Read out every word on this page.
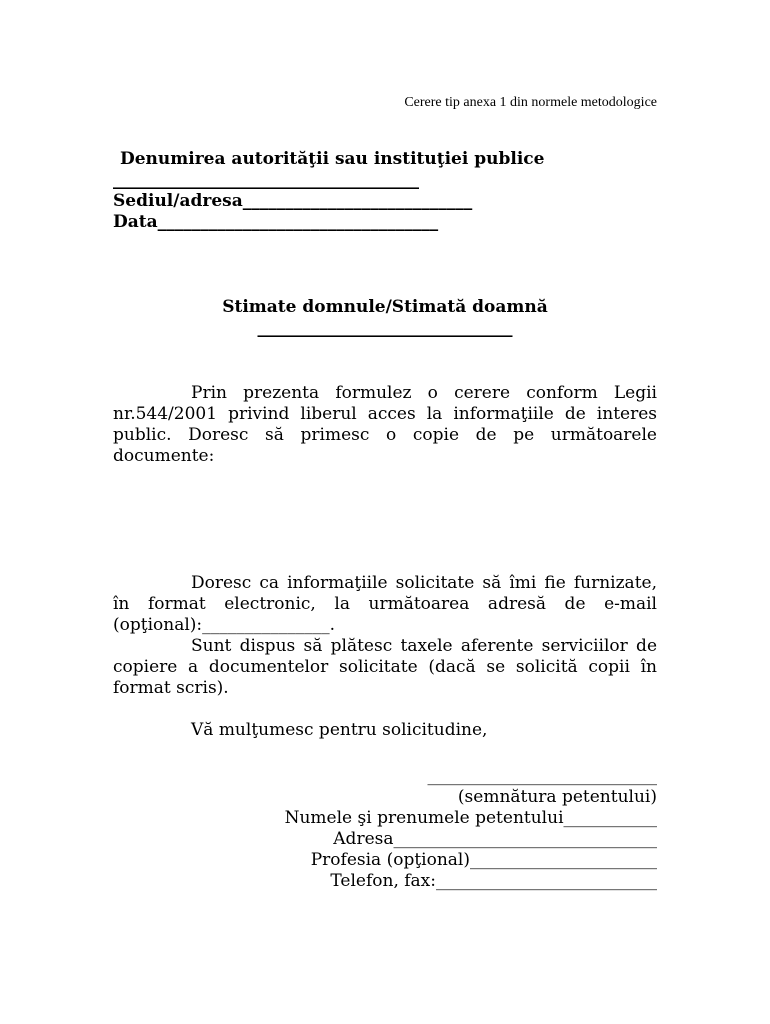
Cerere tip anexa 1 din normele metodologice
Denumirea autorităţii sau instituţiei publice
____________________________________
Sediul/adresa___________________________
Data_________________________________
Stimate domnule/Stimată doamnă
______________________________
Prin prezenta formulez o cerere conform Legii nr.544/2001 privind liberul acces la informaţiile de interes public. Doresc să primesc o copie de pe următoarele documente:
Doresc ca informaţiile solicitate să îmi fie furnizate, în format electronic, la următoarea adresă de e-mail (opţional):_______________.
Sunt dispus să plătesc taxele aferente serviciilor de copiere a documentelor solicitate (dacă se solicită copii în format scris).
Vă mulţumesc pentru solicitudine,
___________________________
(semnătura petentului)
Numele şi prenumele petentului___________
Adresa_______________________________
Profesia (opţional)______________________
Telefon, fax:__________________________
